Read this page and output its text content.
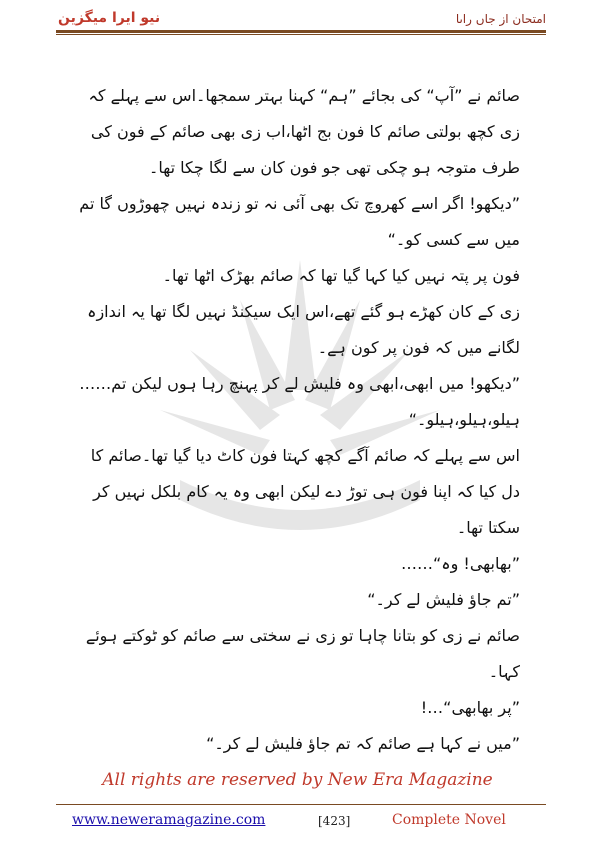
نیو ایرا میگزین	امتحان از جاں راںا

صائم نے ”آپ“ کی بجائے ”ہم“ کہنا بہتر سمجھا۔اس سے پہلے کہ زی کچھ بولتی صائم کا فون بج اٹھا،اب زی بھی صائم کے فون کی طرف متوجہ ہو چکی تھی جو فون کان سے لگا چکا تھا۔

”دیکھو! اگر اسے کھروچ تک بھی آئی نہ تو زندہ نہیں چھوڑوں گا تم میں سے کسی کو۔“

فون پر پتہ نہیں کیا کہا گیا تھا کہ صائم بھڑک اٹھا تھا۔

زی کے کان کھڑے ہو گئے تھے،اس ایک سیکنڈ نہیں لگا تھا یہ اندازہ لگانے میں کہ فون پر کون ہے۔

”دیکھو! میں ابھی،ابھی وہ فلیش لے کر پہنچ رہا ہوں لیکن تم……ہیلو،ہیلو،ہیلو۔“

اس سے پہلے کہ صائم آگے کچھ کہتا فون کاٹ دیا گیا تھا۔صائم کا دل کیا کہ اپنا فون ہی توڑ دے لیکن ابھی وہ یہ کام بلکل نہیں کر سکتا تھا۔

”بھابھی! وہ“……

”تم جاؤ فلیش لے کر۔“

صائم نے زی کو بتانا چاہا تو زی نے سختی سے صائم کو ٹوکتے ہوئے کہا۔

”پر بھابھی“…!

”میں نے کہا ہے صائم کہ تم جاؤ فلیش لے کر۔“

All rights are reserved by New Era Magazine
www.neweramagazine.com	[423]	Complete Novel
